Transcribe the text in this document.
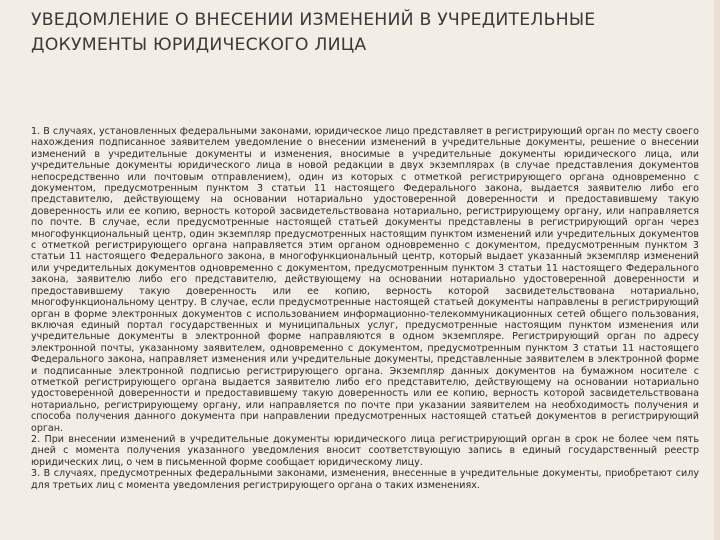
УВЕДОМЛЕНИЕ О ВНЕСЕНИИ ИЗМЕНЕНИЙ В УЧРЕДИТЕЛЬНЫЕ ДОКУМЕНТЫ ЮРИДИЧЕСКОГО ЛИЦА

1. В случаях, установленных федеральными законами, юридическое лицо представляет в регистрирующий орган по месту своего нахождения подписанное заявителем уведомление о внесении изменений в учредительные документы, решение о внесении изменений в учредительные документы и изменения, вносимые в учредительные документы юридического лица, или учредительные документы юридического лица в новой редакции в двух экземплярах (в случае представления документов непосредственно или почтовым отправлением), один из которых с отметкой регистрирующего органа одновременно с документом, предусмотренным пунктом 3 статьи 11 настоящего Федерального закона, выдается заявителю либо его представителю, действующему на основании нотариально удостоверенной доверенности и предоставившему такую доверенность или ее копию, верность которой засвидетельствована нотариально, регистрирующему органу, или направляется по почте. В случае, если предусмотренные настоящей статьей документы представлены в регистрирующий орган через многофункциональный центр, один экземпляр предусмотренных настоящим пунктом изменений или учредительных документов с отметкой регистрирующего органа направляется этим органом одновременно с документом, предусмотренным пунктом 3 статьи 11 настоящего Федерального закона, в многофункциональный центр, который выдает указанный экземпляр изменений или учредительных документов одновременно с документом, предусмотренным пунктом 3 статьи 11 настоящего Федерального закона, заявителю либо его представителю, действующему на основании нотариально удостоверенной доверенности и предоставившему такую доверенность или ее копию, верность которой засвидетельствована нотариально, многофункциональному центру. В случае, если предусмотренные настоящей статьей документы направлены в регистрирующий орган в форме электронных документов с использованием информационно-телекоммуникационных сетей общего пользования, включая единый портал государственных и муниципальных услуг, предусмотренные настоящим пунктом изменения или учредительные документы в электронной форме направляются в одном экземпляре. Регистрирующий орган по адресу электронной почты, указанному заявителем, одновременно с документом, предусмотренным пунктом 3 статьи 11 настоящего Федерального закона, направляет изменения или учредительные документы, представленные заявителем в электронной форме и подписанные электронной подписью регистрирующего органа. Экземпляр данных документов на бумажном носителе с отметкой регистрирующего органа выдается заявителю либо его представителю, действующему на основании нотариально удостоверенной доверенности и предоставившему такую доверенность или ее копию, верность которой засвидетельствована нотариально, регистрирующему органу, или направляется по почте при указании заявителем на необходимость получения и способа получения данного документа при направлении предусмотренных настоящей статьей документов в регистрирующий орган.

2. При внесении изменений в учредительные документы юридического лица регистрирующий орган в срок не более чем пять дней с момента получения указанного уведомления вносит соответствующую запись в единый государственный реестр юридических лиц, о чем в письменной форме сообщает юридическому лицу.

3. В случаях, предусмотренных федеральными законами, изменения, внесенные в учредительные документы, приобретают силу для третьих лиц с момента уведомления регистрирующего органа о таких изменениях.
